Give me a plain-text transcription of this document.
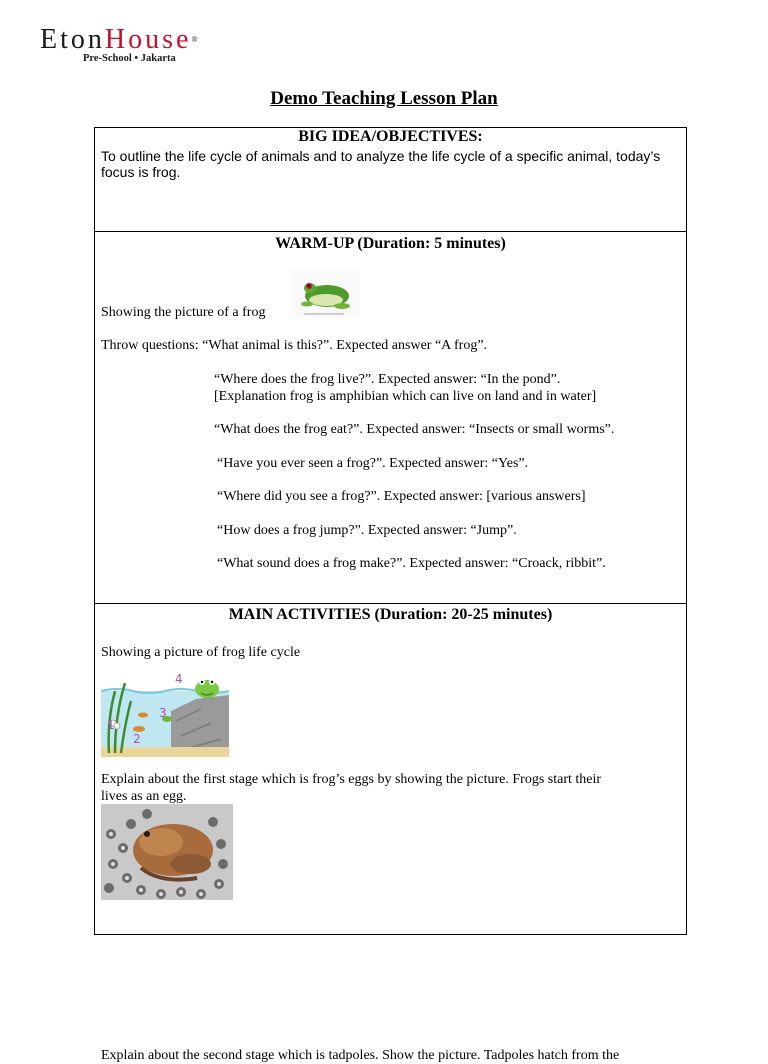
EtonHouse®
Pre-School • Jakarta
Demo Teaching Lesson Plan
BIG IDEA/OBJECTIVES:
To outline the life cycle of animals and to analyze the life cycle of a specific animal, today’s focus is frog.
WARM-UP (Duration: 5 minutes)
Showing the picture of a frog
Throw questions: “What animal is this?”. Expected answer “A frog”.
“Where does the frog live?”. Expected answer: “In the pond”.
[Explanation frog is amphibian which can live on land and in water]
“What does the frog eat?”. Expected answer: “Insects or small worms”.
“Have you ever seen a frog?”. Expected answer: “Yes”.
“Where did you see a frog?”. Expected answer: [various answers]
“How does a frog jump?”. Expected answer: “Jump”.
“What sound does a frog make?”. Expected answer: “Croack, ribbit”.
MAIN ACTIVITIES (Duration: 20-25 minutes)
Showing a picture of frog life cycle
1
2
3
4
Explain about the first stage which is frog’s eggs by showing the picture. Frogs start their
lives as an egg.
Explain about the second stage which is tadpoles. Show the picture. Tadpoles hatch from the
